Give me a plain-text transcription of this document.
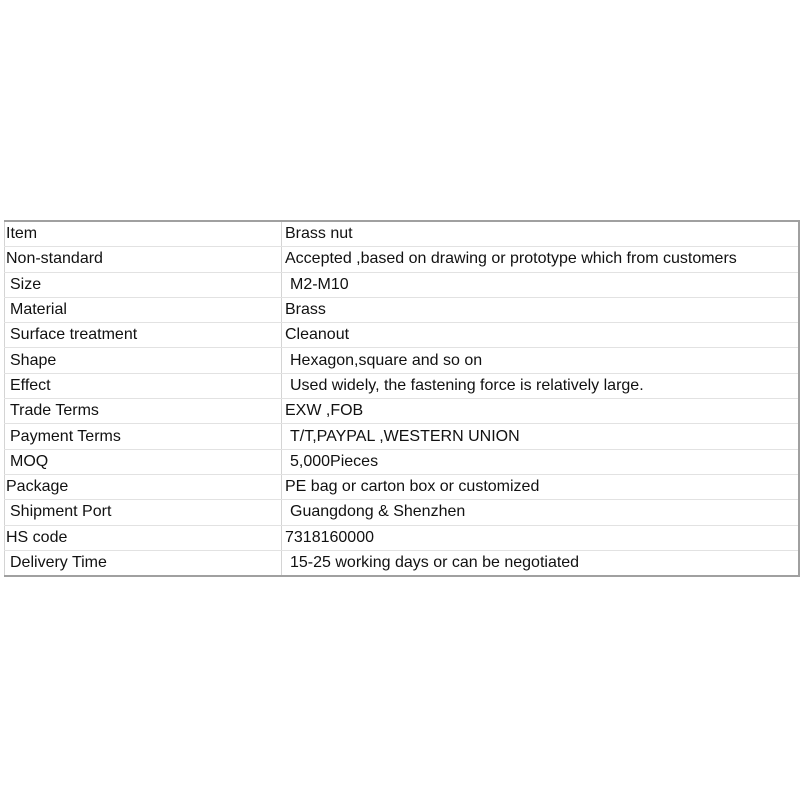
Item	Brass nut
Non-standard	Accepted ,based on drawing or prototype which from customers
Size	M2-M10
Material	Brass
Surface treatment	Cleanout
Shape	Hexagon,square and so on
Effect	Used widely, the fastening force is relatively large.
Trade Terms	EXW ,FOB
Payment Terms	T/T,PAYPAL ,WESTERN UNION
MOQ	5,000Pieces
Package	PE bag or carton box or customized
Shipment Port	Guangdong & Shenzhen
HS code	7318160000
Delivery Time	15-25 working days or can be negotiated
